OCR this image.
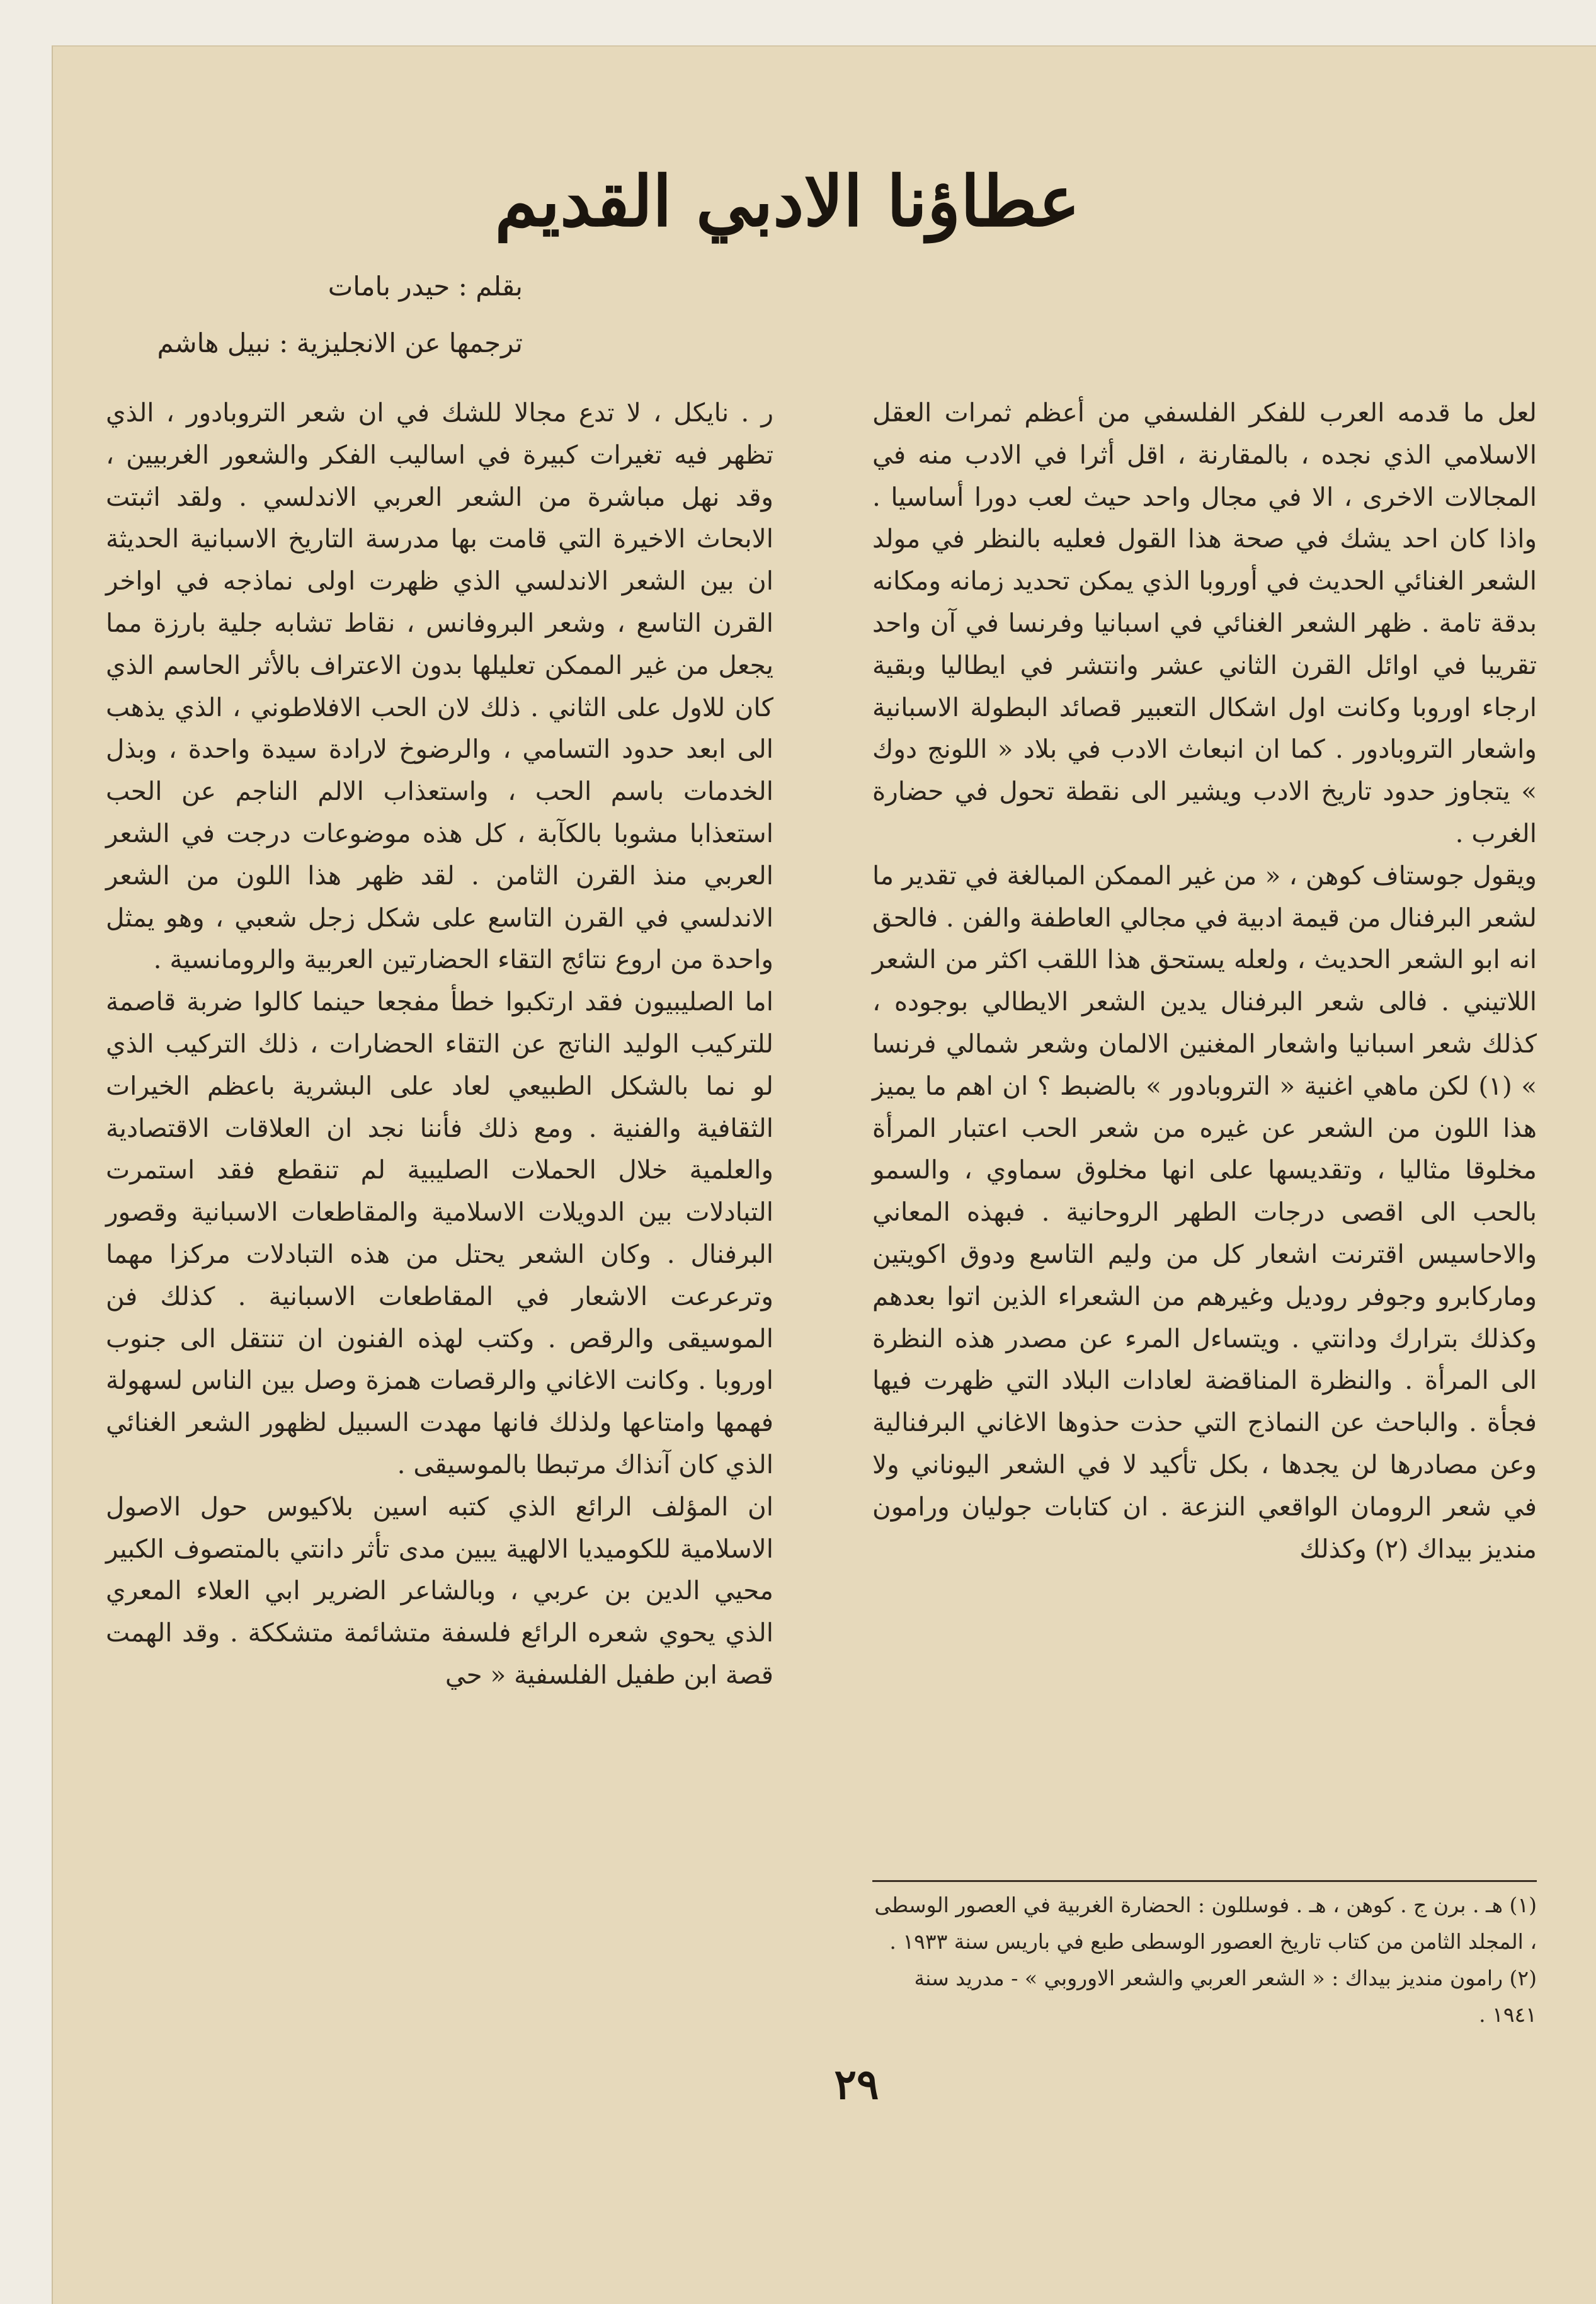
عطاؤنا الادبي القديم
بقلم : حيدر بامات
ترجمها عن الانجليزية : نبيل هاشم

لعل ما قدمه العرب للفكر الفلسفي من أعظم ثمرات العقل الاسلامي الذي نجده ، بالمقارنة ، اقل أثرا في الادب منه في المجالات الاخرى ، الا في مجال واحد حيث لعب دورا أساسيا . واذا كان احد يشك في صحة هذا القول فعليه بالنظر في مولد الشعر الغنائي الحديث في أوروبا الذي يمكن تحديد زمانه ومكانه بدقة تامة . ظهر الشعر الغنائي في اسبانيا وفرنسا في آن واحد تقريبا في اوائل القرن الثاني عشر وانتشر في ايطاليا وبقية ارجاء اوروبا وكانت اول اشكال التعبير قصائد البطولة الاسبانية واشعار التروبادور . كما ان انبعاث الادب في بلاد « اللونج دوك » يتجاوز حدود تاريخ الادب ويشير الى نقطة تحول في حضارة الغرب .

ويقول جوستاف كوهن ، « من غير الممكن المبالغة في تقدير ما لشعر البرفنال من قيمة ادبية في مجالي العاطفة والفن . فالحق انه ابو الشعر الحديث ، ولعله يستحق هذا اللقب اكثر من الشعر اللاتيني . فالى شعر البرفنال يدين الشعر الايطالي بوجوده ، كذلك شعر اسبانيا واشعار المغنين الالمان وشعر شمالي فرنسا » (١) لكن ماهي اغنية « التروبادور » بالضبط ؟ ان اهم ما يميز هذا اللون من الشعر عن غيره من شعر الحب اعتبار المرأة مخلوقا مثاليا ، وتقديسها على انها مخلوق سماوي ، والسمو بالحب الى اقصى درجات الطهر الروحانية . فبهذه المعاني والاحاسيس اقترنت اشعار كل من وليم التاسع ودوق اكويتين وماركابرو وجوفر روديل وغيرهم من الشعراء الذين اتوا بعدهم وكذلك بترارك ودانتي . ويتساءل المرء عن مصدر هذه النظرة الى المرأة . والنظرة المناقضة لعادات البلاد التي ظهرت فيها فجأة . والباحث عن النماذج التي حذت حذوها الاغاني البرفنالية وعن مصادرها لن يجدها ، بكل تأكيد لا في الشعر اليوناني ولا في شعر الرومان الواقعي النزعة . ان كتابات جوليان ورامون منديز بيداك (٢) وكذلك

ر . نايكل ، لا تدع مجالا للشك في ان شعر التروبادور ، الذي تظهر فيه تغيرات كبيرة في اساليب الفكر والشعور الغربيين ، وقد نهل مباشرة من الشعر العربي الاندلسي . ولقد اثبتت الابحاث الاخيرة التي قامت بها مدرسة التاريخ الاسبانية الحديثة ان بين الشعر الاندلسي الذي ظهرت اولى نماذجه في اواخر القرن التاسع ، وشعر البروفانس ، نقاط تشابه جلية بارزة مما يجعل من غير الممكن تعليلها بدون الاعتراف بالأثر الحاسم الذي كان للاول على الثاني . ذلك لان الحب الافلاطوني ، الذي يذهب الى ابعد حدود التسامي ، والرضوخ لارادة سيدة واحدة ، وبذل الخدمات باسم الحب ، واستعذاب الالم الناجم عن الحب استعذابا مشوبا بالكآبة ، كل هذه موضوعات درجت في الشعر العربي منذ القرن الثامن . لقد ظهر هذا اللون من الشعر الاندلسي في القرن التاسع على شكل زجل شعبي ، وهو يمثل واحدة من اروع نتائج التقاء الحضارتين العربية والرومانسية .

اما الصليبيون فقد ارتكبوا خطأ مفجعا حينما كالوا ضربة قاصمة للتركيب الوليد الناتج عن التقاء الحضارات ، ذلك التركيب الذي لو نما بالشكل الطبيعي لعاد على البشرية باعظم الخيرات الثقافية والفنية . ومع ذلك فأننا نجد ان العلاقات الاقتصادية والعلمية خلال الحملات الصليبية لم تنقطع فقد استمرت التبادلات بين الدويلات الاسلامية والمقاطعات الاسبانية وقصور البرفنال . وكان الشعر يحتل من هذه التبادلات مركزا مهما وترعرعت الاشعار في المقاطعات الاسبانية . كذلك فن الموسيقى والرقص . وكتب لهذه الفنون ان تنتقل الى جنوب اوروبا . وكانت الاغاني والرقصات همزة وصل بين الناس لسهولة فهمها وامتاعها ولذلك فانها مهدت السبيل لظهور الشعر الغنائي الذي كان آنذاك مرتبطا بالموسيقى .

ان المؤلف الرائع الذي كتبه اسين بلاكيوس حول الاصول الاسلامية للكوميديا الالهية يبين مدى تأثر دانتي بالمتصوف الكبير محيي الدين بن عربي ، وبالشاعر الضرير ابي العلاء المعري الذي يحوي شعره الرائع فلسفة متشائمة متشككة . وقد الهمت قصة ابن طفيل الفلسفية « حي

(١) هـ . برن ج . كوهن ، هـ . فوسللون : الحضارة الغربية في العصور الوسطى ، المجلد الثامن من كتاب تاريخ العصور الوسطى طبع في باريس سنة ١٩٣٣ .

(٢) رامون منديز بيداك : « الشعر العربي والشعر الاوروبي » - مدريد سنة ١٩٤١ .

٢٩
